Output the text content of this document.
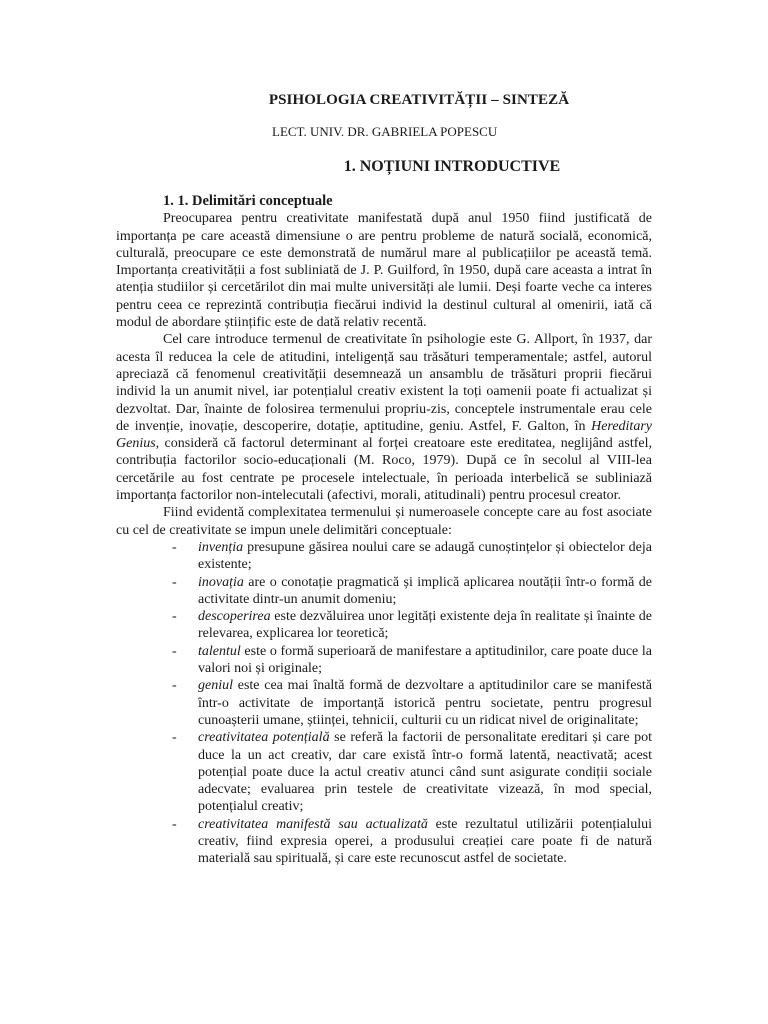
PSIHOLOGIA CREATIVITĂȚII – SINTEZĂ

LECT. UNIV. DR. GABRIELA POPESCU

1. NOȚIUNI INTRODUCTIVE
1. 1. Delimitări conceptuale

Preocuparea pentru creativitate manifestată după anul 1950 fiind justificată de importanța pe care această dimensiune o are pentru probleme de natură socială, economică, culturală, preocupare ce este demonstrată de numărul mare al publicațiilor pe această temă. Importanța creativității a fost subliniată de J. P. Guilford, în 1950, după care aceasta a intrat în atenția studiilor și cercetărilot din mai multe universități ale lumii. Deși foarte veche ca interes pentru ceea ce reprezintă contribuția fiecărui individ la destinul cultural al omenirii, iată că modul de abordare științific este de dată relativ recentă.

Cel care introduce termenul de creativitate în psihologie este G. Allport, în 1937, dar acesta îl reducea la cele de atitudini, inteligență sau trăsături temperamentale; astfel, autorul apreciază că fenomenul creativității desemnează un ansamblu de trăsături proprii fiecărui individ la un anumit nivel, iar potențialul creativ existent la toți oamenii poate fi actualizat și dezvoltat. Dar, înainte de folosirea termenului propriu-zis, conceptele instrumentale erau cele de invenție, inovație, descoperire, dotație, aptitudine, geniu. Astfel, F. Galton, în Hereditary Genius, consideră că factorul determinant al forței creatoare este ereditatea, neglijând astfel, contribuția factorilor socio-educaționali (M. Roco, 1979). După ce în secolul al VIII-lea cercetările au fost centrate pe procesele intelectuale, în perioada interbelică se subliniază importanța factorilor non-intelecutali (afectivi, morali, atitudinali) pentru procesul creator.

Fiind evidentă complexitatea termenului și numeroasele concepte care au fost asociate cu cel de creativitate se impun unele delimitări conceptuale:

- invenția presupune găsirea noului care se adaugă cunoștințelor și obiectelor deja existente;
- inovația are o conotație pragmatică și implică aplicarea noutății într-o formă de activitate dintr-un anumit domeniu;
- descoperirea este dezvăluirea unor legități existente deja în realitate și înainte de relevarea, explicarea lor teoretică;
- talentul este o formă superioară de manifestare a aptitudinilor, care poate duce la valori noi și originale;
- geniul este cea mai înaltă formă de dezvoltare a aptitudinilor care se manifestă într-o activitate de importanță istorică pentru societate, pentru progresul cunoașterii umane, științei, tehnicii, culturii cu un ridicat nivel de originalitate;
- creativitatea potențială se referă la factorii de personalitate ereditari și care pot duce la un act creativ, dar care există într-o formă latentă, neactivată; acest potențial poate duce la actul creativ atunci când sunt asigurate condiții sociale adecvate; evaluarea prin testele de creativitate vizează, în mod special, potențialul creativ;
- creativitatea manifestă sau actualizată este rezultatul utilizării potențialului creativ, fiind expresia operei, a produsului creației care poate fi de natură materială sau spirituală, și care este recunoscut astfel de societate.
